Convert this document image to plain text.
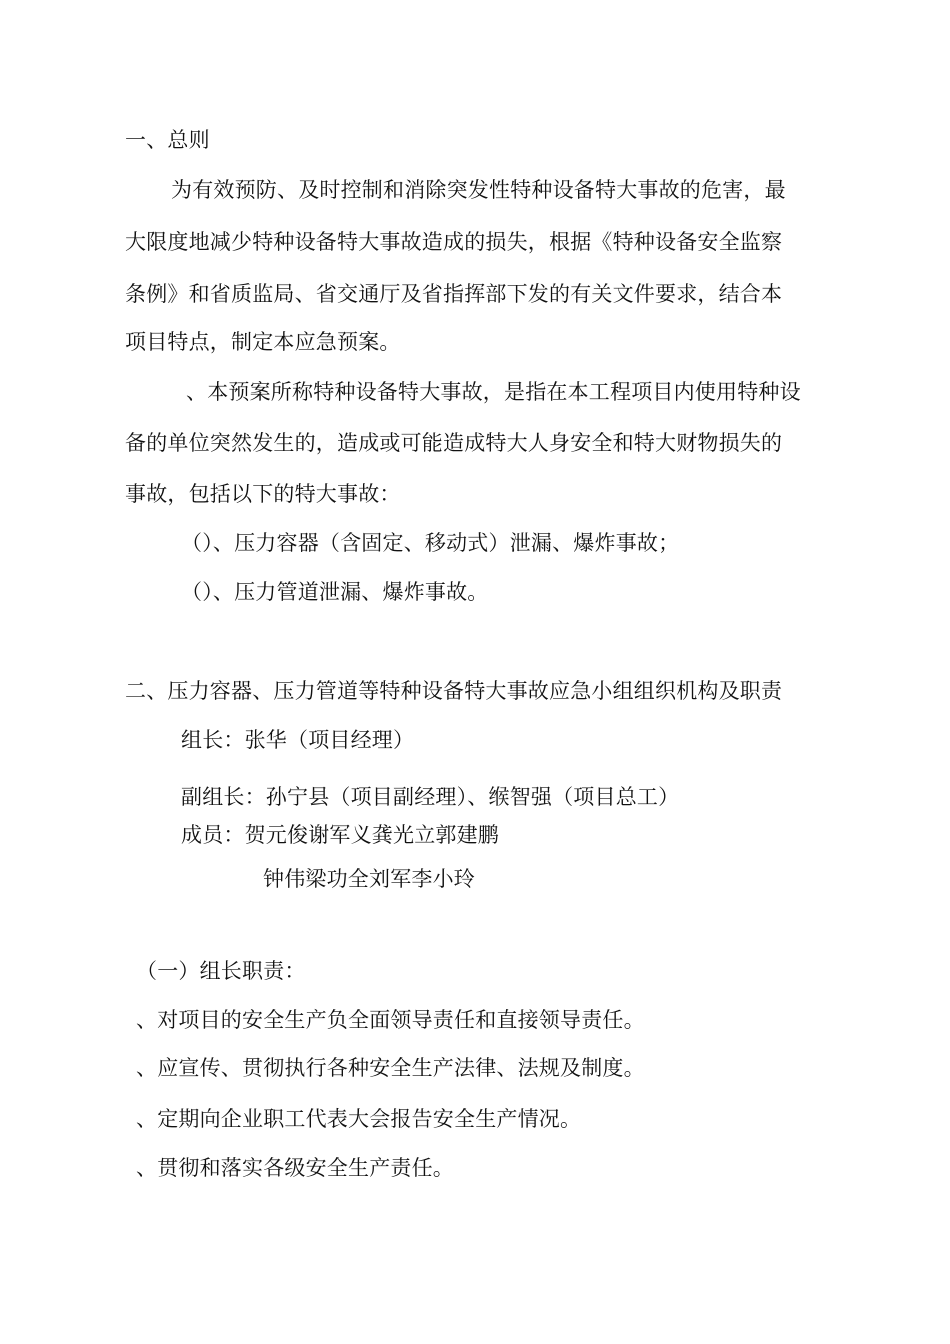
一、总则
为有效预防、及时控制和消除突发性特种设备特大事故的危害，最
大限度地减少特种设备特大事故造成的损失，根据《特种设备安全监察
条例》和省质监局、省交通厅及省指挥部下发的有关文件要求，结合本
项目特点，制定本应急预案。
、本预案所称特种设备特大事故，是指在本工程项目内使用特种设
备的单位突然发生的，造成或可能造成特大人身安全和特大财物损失的
事故，包括以下的特大事故：
（）、压力容器（含固定、移动式）泄漏、爆炸事故；
（）、压力管道泄漏、爆炸事故。
二、压力容器、压力管道等特种设备特大事故应急小组组织机构及职责
组长：张华（项目经理）
副组长：孙宁县（项目副经理）、缑智强（项目总工）
成员：贺元俊谢军义龚光立郭建鹏
钟伟梁功全刘军李小玲
（一）组长职责：
、对项目的安全生产负全面领导责任和直接领导责任。
、应宣传、贯彻执行各种安全生产法律、法规及制度。
、定期向企业职工代表大会报告安全生产情况。
、贯彻和落实各级安全生产责任。
